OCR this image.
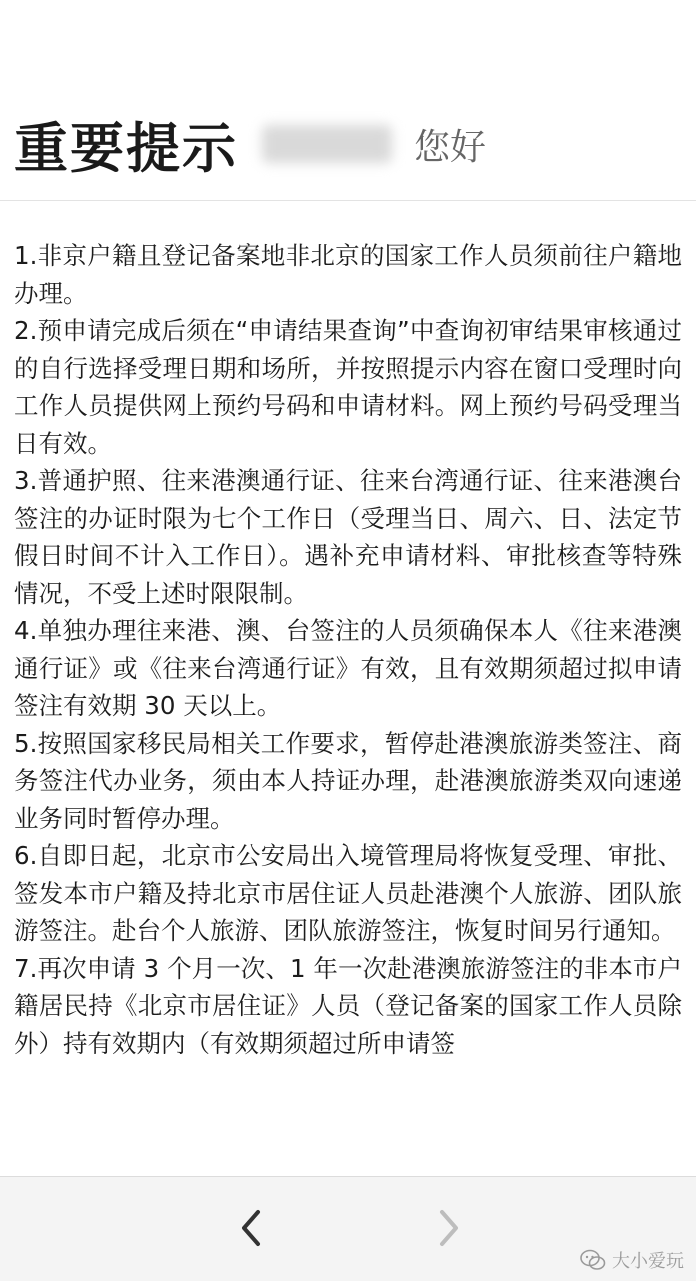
重要提示	您好

1.非京户籍且登记备案地非北京的国家工作人员须前往户籍地办理。

2.预申请完成后须在“申请结果查询”中查询初审结果审核通过的自行选择受理日期和场所，并按照提示内容在窗口受理时向工作人员提供网上预约号码和申请材料。网上预约号码受理当日有效。

3.普通护照、往来港澳通行证、往来台湾通行证、往来港澳台签注的办证时限为七个工作日（受理当日、周六、日、法定节假日时间不计入工作日）。遇补充申请材料、审批核查等特殊情况，不受上述时限限制。

4.单独办理往来港、澳、台签注的人员须确保本人《往来港澳通行证》或《往来台湾通行证》有效，且有效期须超过拟申请签注有效期 30 天以上。

5.按照国家移民局相关工作要求，暂停赴港澳旅游类签注、商务签注代办业务，须由本人持证办理，赴港澳旅游类双向速递业务同时暂停办理。

6.自即日起，北京市公安局出入境管理局将恢复受理、审批、签发本市户籍及持北京市居住证人员赴港澳个人旅游、团队旅游签注。赴台个人旅游、团队旅游签注，恢复时间另行通知。

7.再次申请 3 个月一次、1 年一次赴港澳旅游签注的非本市户籍居民持《北京市居住证》人员（登记备案的国家工作人员除外）持有效期内（有效期须超过所申请签

大小爱玩
